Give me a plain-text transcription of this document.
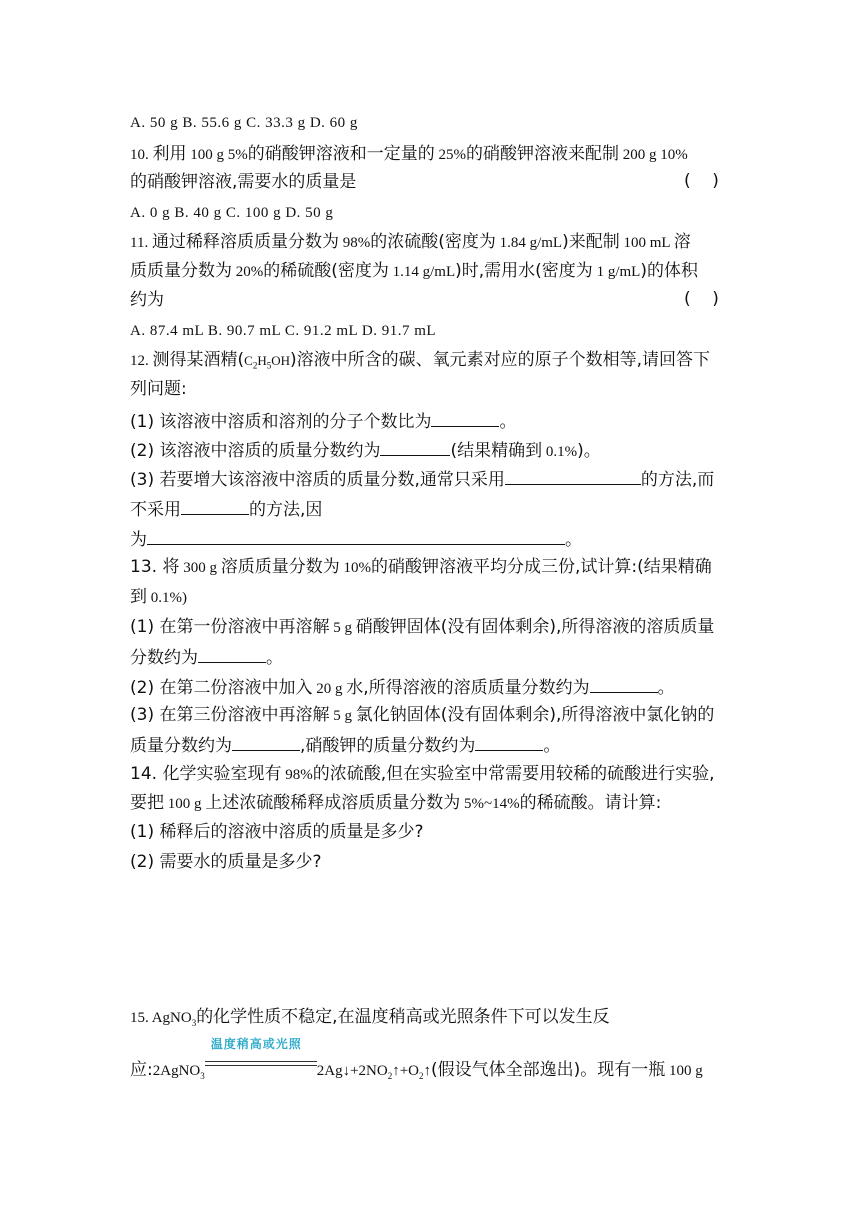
A. 50 g B. 55.6 g C. 33.3 g D. 60 g
10. 利用 100 g 5%的硝酸钾溶液和一定量的 25%的硝酸钾溶液来配制 200 g 10%
的硝酸钾溶液,需要水的质量是	(    )
A. 0 g B. 40 g C. 100 g D. 50 g
11. 通过稀释溶质质量分数为 98%的浓硫酸(密度为 1.84 g/mL)来配制 100 mL 溶
质质量分数为 20%的稀硫酸(密度为 1.14 g/mL)时,需用水(密度为 1 g/mL)的体积
约为	(    )
A. 87.4 mL B. 90.7 mL C. 91.2 mL D. 91.7 mL
12. 测得某酒精$(C_2H_5OH)$溶液中所含的碳、氧元素对应的原子个数相等,请回答下
列问题:
(1) 该溶液中溶质和溶剂的分子个数比为	。
(2) 该溶液中溶质的质量分数约为	(结果精确到 0.1%)。
(3) 若要增大该溶液中溶质的质量分数,通常只采用	的方法,而
不采用	的方法,因
为	。
13. 将 300 g 溶质质量分数为 10%的硝酸钾溶液平均分成三份,试计算:(结果精确
到 0.1%)
(1) 在第一份溶液中再溶解 5 g 硝酸钾固体(没有固体剩余),所得溶液的溶质质量
分数约为	。
(2) 在第二份溶液中加入 20 g 水,所得溶液的溶质质量分数约为	。
(3) 在第三份溶液中再溶解 5 g 氯化钠固体(没有固体剩余),所得溶液中氯化钠的
质量分数约为	,硝酸钾的质量分数约为	。
14. 化学实验室现有 98%的浓硫酸,但在实验室中常需要用较稀的硫酸进行实验,
要把 100 g 上述浓硫酸稀释成溶质质量分数为 5%~14%的稀硫酸。请计算:
(1) 稀释后的溶液中溶质的质量是多少?
(2) 需要水的质量是多少?
15. AgNO$_3$的化学性质不稳定,在温度稍高或光照条件下可以发生反
应:2AgNO$_3$
温度稍高或光照
$2Ag↓+2NO_2↑+O_2↑$(假设气体全部逸出)。现有一瓶 100 g
